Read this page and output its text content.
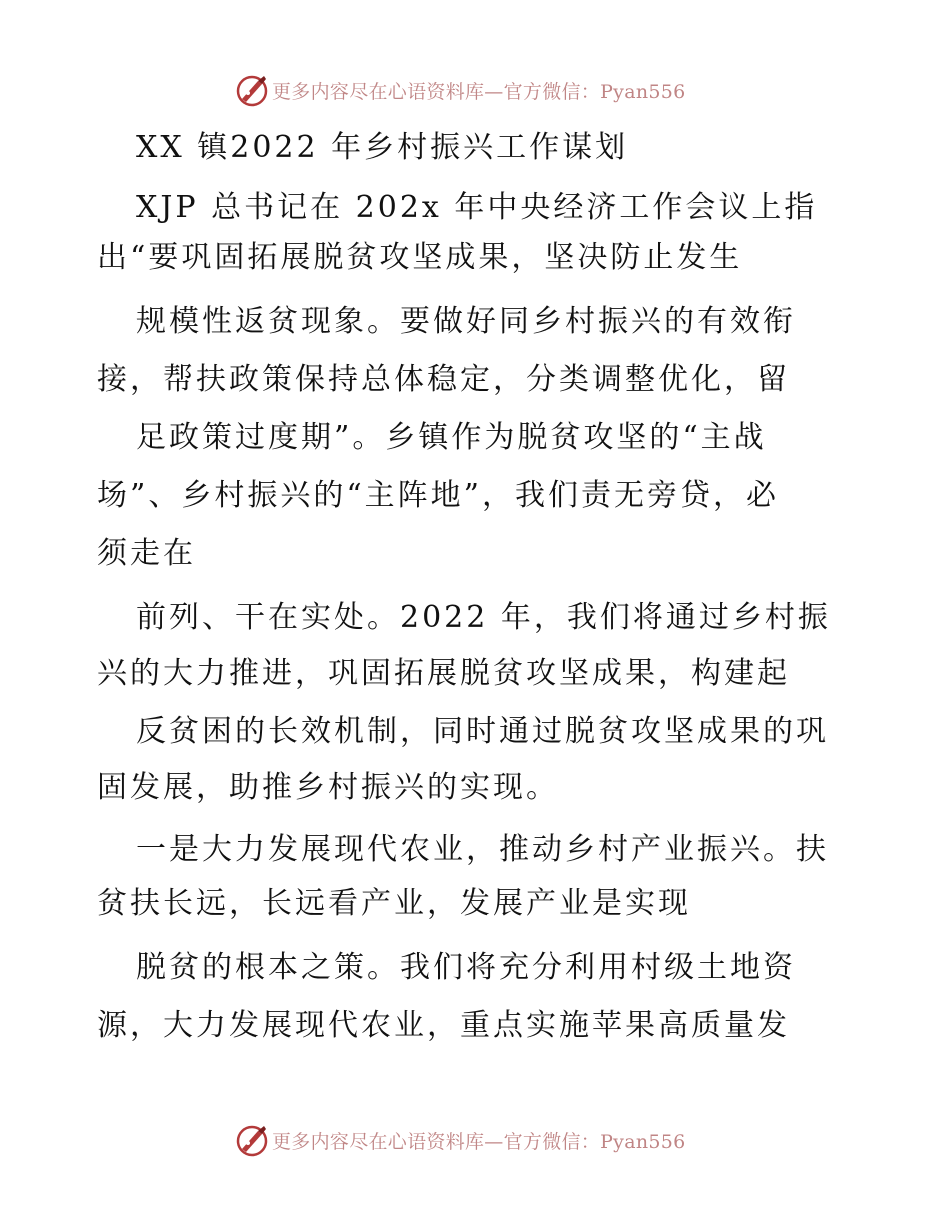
更多内容尽在心语资料库—官方微信：Pyan556

XX 镇2022 年乡村振兴工作谋划

XJP 总书记在 202x 年中央经济工作会议上指

出“要巩固拓展脱贫攻坚成果，坚决防止发生

规模性返贫现象。要做好同乡村振兴的有效衔

接，帮扶政策保持总体稳定，分类调整优化，留

足政策过度期”。乡镇作为脱贫攻坚的“主战

场”、乡村振兴的“主阵地”，我们责无旁贷，必

须走在

前列、干在实处。2022 年，我们将通过乡村振

兴的大力推进，巩固拓展脱贫攻坚成果，构建起

反贫困的长效机制，同时通过脱贫攻坚成果的巩

固发展，助推乡村振兴的实现。

一是大力发展现代农业，推动乡村产业振兴。扶

贫扶长远，长远看产业，发展产业是实现

脱贫的根本之策。我们将充分利用村级土地资

源，大力发展现代农业，重点实施苹果高质量发

更多内容尽在心语资料库—官方微信：Pyan556
